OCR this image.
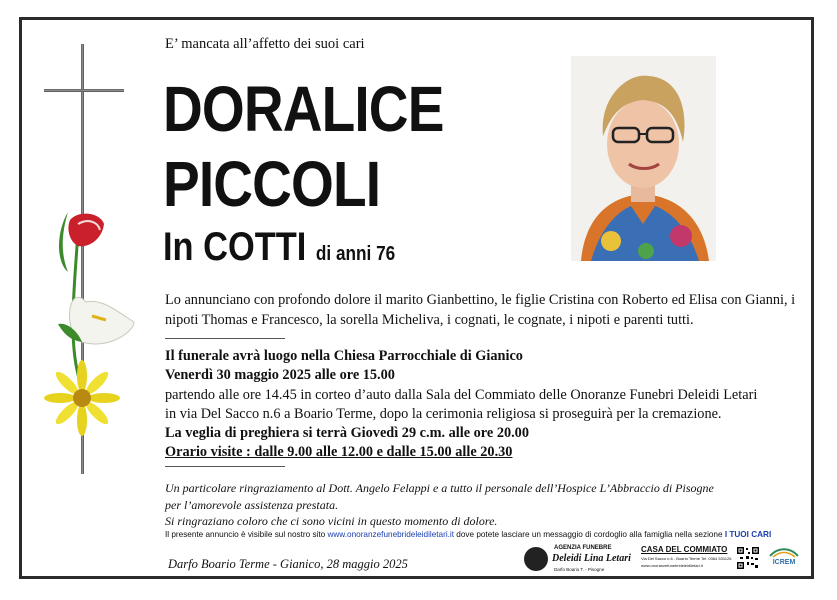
E’ mancata all’affetto dei suoi cari
DORALICE
PICCOLI
In COTTI di anni 76
Lo annunciano con profondo dolore il marito Gianbettino, le figlie Cristina con Roberto ed Elisa con Gianni, i nipoti Thomas e Francesco, la sorella Micheliva, i cognati, le cognate, i nipoti e parenti tutti.
Il funerale avrà luogo nella Chiesa Parrocchiale di Gianico
Venerdì 30 maggio 2025 alle ore 15.00
partendo alle ore 14.45 in corteo d’auto dalla Sala del Commiato delle Onoranze Funebri Deleidi Letari
in via Del Sacco n.6 a Boario Terme, dopo la cerimonia religiosa si proseguirà per la cremazione.
La veglia di preghiera si terrà Giovedì 29 c.m. alle ore 20.00
Orario visite : dalle 9.00 alle 12.00 e dalle 15.00 alle 20.30
Un particolare ringraziamento al Dott. Angelo Felappi e a tutto il personale dell’Hospice L’Abbraccio di Pisogne
per l’amorevole assistenza prestata.
Si ringraziano coloro che ci sono vicini in questo momento di dolore.
Il presente annuncio è visibile sul nostro sito www.onoranzefunebrideleidiletari.it dove potete lasciare un messaggio di cordoglio alla famiglia nella sezione I TUOI CARI
Darfo Boario Terme - Gianico, 28 maggio 2025
AGENZIA FUNEBRE
Deleidi Lina Letari
Darfo Boario T. - Pisogne
CASA DEL COMMIATO
Via Del Sacco n.6 - Boario Terme Tel. 0364 531126
www.onoranzefunebrideleidiletari.it	ICREM
